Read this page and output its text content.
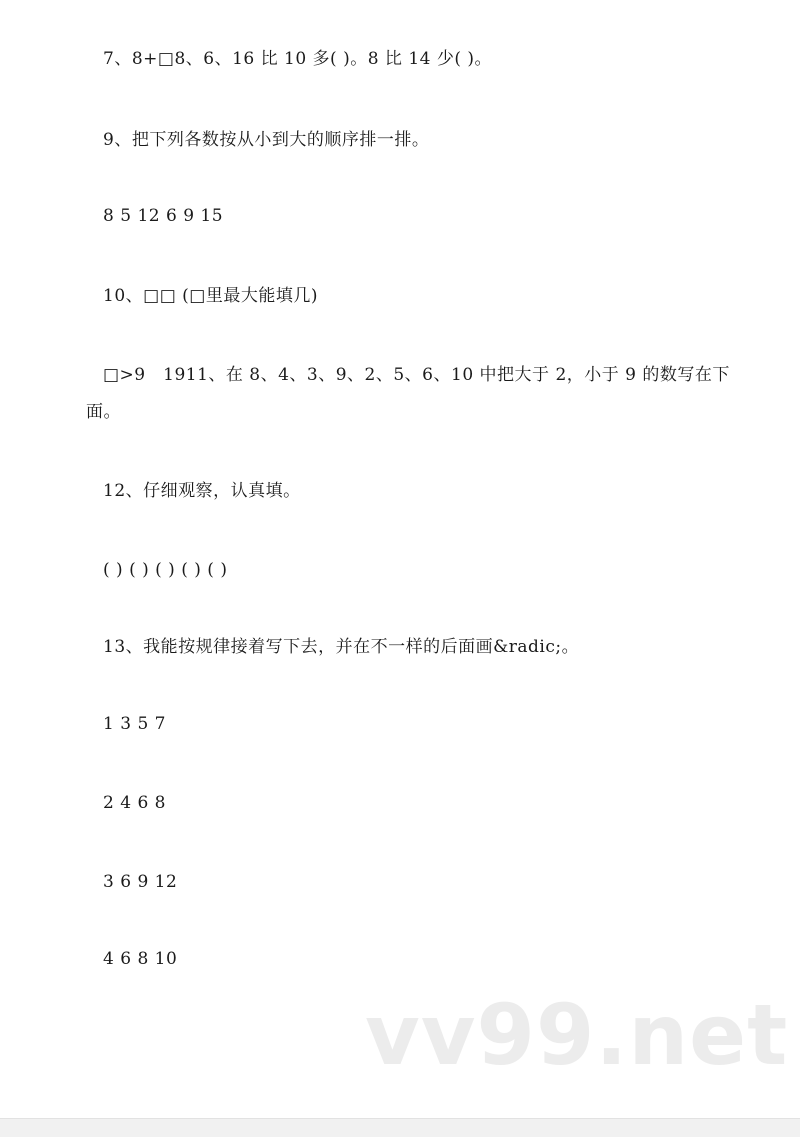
7、8+□8、6、16 比 10 多( )。8 比 14 少( )。
9、把下列各数按从小到大的顺序排一排。
8 5 12 6 9 15
10、□□ (□里最大能填几)
□>9　1911、在 8、4、3、9、2、5、6、10 中把大于 2，小于 9 的数写在下
面。
12、仔细观察，认真填。
( ) ( ) ( ) ( ) ( )
13、我能按规律接着写下去，并在不一样的后面画&radic;。
1 3 5 7
2 4 6 8
3 6 9 12
4 6 8 10
vv99.net
